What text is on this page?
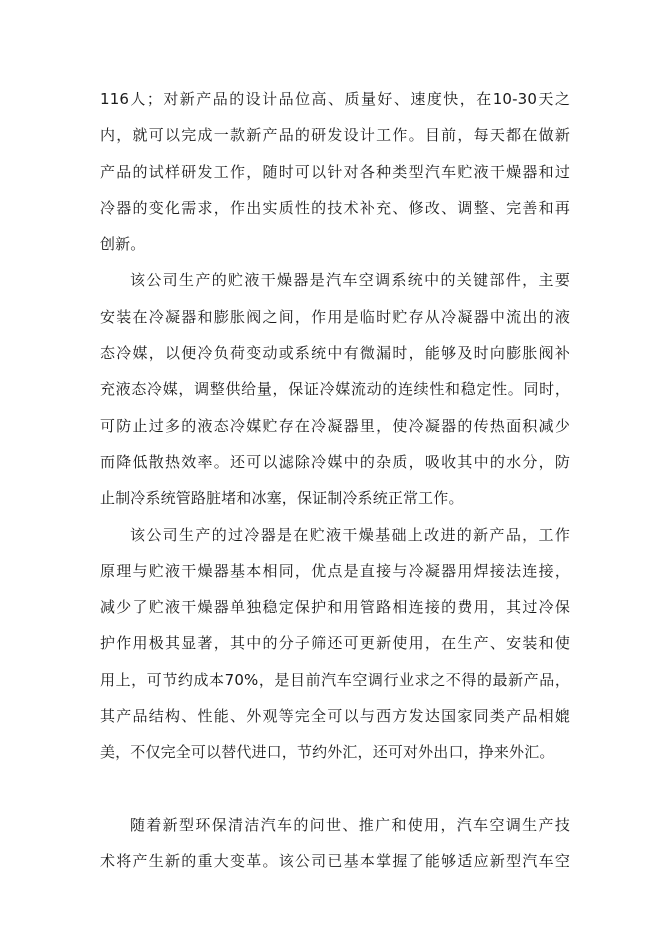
116人；对新产品的设计品位高、质量好、速度快，在10-30天之
内，就可以完成一款新产品的研发设计工作。目前，每天都在做新
产品的试样研发工作，随时可以针对各种类型汽车贮液干燥器和过
冷器的变化需求，作出实质性的技术补充、修改、调整、完善和再
创新。
该公司生产的贮液干燥器是汽车空调系统中的关键部件，主要
安装在冷凝器和膨胀阀之间，作用是临时贮存从冷凝器中流出的液
态冷媒，以便冷负荷变动或系统中有微漏时，能够及时向膨胀阀补
充液态冷媒，调整供给量，保证冷媒流动的连续性和稳定性。同时，
可防止过多的液态冷媒贮存在冷凝器里，使冷凝器的传热面积减少
而降低散热效率。还可以滤除冷媒中的杂质，吸收其中的水分，防
止制冷系统管路脏堵和冰塞，保证制冷系统正常工作。
该公司生产的过冷器是在贮液干燥基础上改进的新产品，工作
原理与贮液干燥器基本相同，优点是直接与冷凝器用焊接法连接，
减少了贮液干燥器单独稳定保护和用管路相连接的费用，其过冷保
护作用极其显著，其中的分子筛还可更新使用，在生产、安装和使
用上，可节约成本70%，是目前汽车空调行业求之不得的最新产品，
其产品结构、性能、外观等完全可以与西方发达国家同类产品相媲
美，不仅完全可以替代进口，节约外汇，还可对外出口，挣来外汇。
随着新型环保清洁汽车的问世、推广和使用，汽车空调生产技
术将产生新的重大变革。该公司已基本掌握了能够适应新型汽车空
